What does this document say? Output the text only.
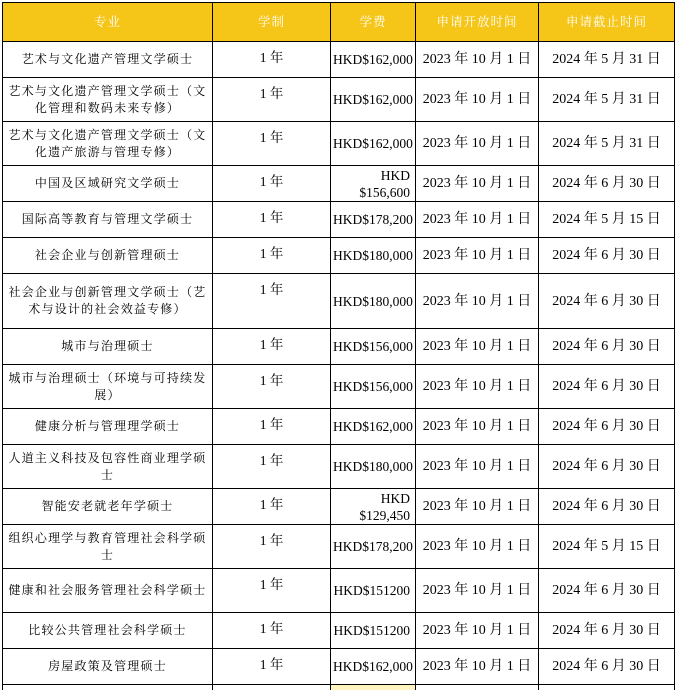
专业	学制	学费	申请开放时间	申请截止时间
艺术与文化遗产管理文学硕士	1 年	HKD$162,000	2023 年 10 月 1 日	2024 年 5 月 31 日
艺术与文化遗产管理文学硕士（文化管理和数码未来专修）	1 年	HKD$162,000	2023 年 10 月 1 日	2024 年 5 月 31 日
艺术与文化遗产管理文学硕士（文化遗产旅游与管理专修）	1 年	HKD$162,000	2023 年 10 月 1 日	2024 年 5 月 31 日
中国及区域研究文学硕士	1 年	HKD $156,600	2023 年 10 月 1 日	2024 年 6 月 30 日
国际高等教育与管理文学硕士	1 年	HKD$178,200	2023 年 10 月 1 日	2024 年 5 月 15 日
社会企业与创新管理硕士	1 年	HKD$180,000	2023 年 10 月 1 日	2024 年 6 月 30 日
社会企业与创新管理文学硕士（艺术与设计的社会效益专修）	1 年	HKD$180,000	2023 年 10 月 1 日	2024 年 6 月 30 日
城市与治理硕士	1 年	HKD$156,000	2023 年 10 月 1 日	2024 年 6 月 30 日
城市与治理硕士（环境与可持续发展）	1 年	HKD$156,000	2023 年 10 月 1 日	2024 年 6 月 30 日
健康分析与管理理学硕士	1 年	HKD$162,000	2023 年 10 月 1 日	2024 年 6 月 30 日
人道主义科技及包容性商业理学硕士	1 年	HKD$180,000	2023 年 10 月 1 日	2024 年 6 月 30 日
智能安老就老年学硕士	1 年	HKD $129,450	2023 年 10 月 1 日	2024 年 6 月 30 日
组织心理学与教育管理社会科学硕士	1 年	HKD$178,200	2023 年 10 月 1 日	2024 年 5 月 15 日
健康和社会服务管理社会科学硕士	1 年	HKD$151200	2023 年 10 月 1 日	2024 年 6 月 30 日
比较公共管理社会科学硕士	1 年	HKD$151200	2023 年 10 月 1 日	2024 年 6 月 30 日
房屋政策及管理硕士	1 年	HKD$162,000	2023 年 10 月 1 日	2024 年 6 月 30 日
